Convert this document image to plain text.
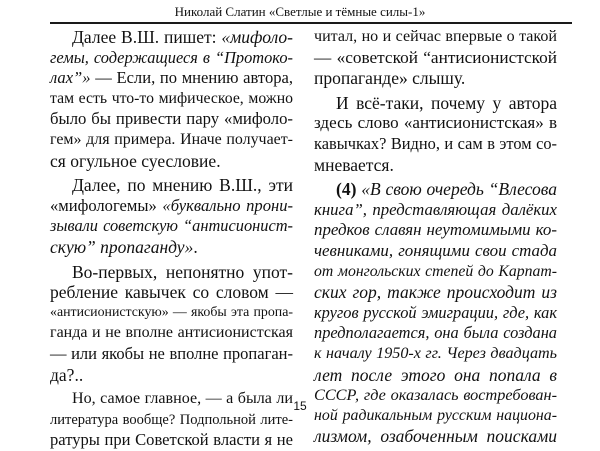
Николай Слатин «Светлые и тёмные силы-1»

Далее В.Ш. пишет: «мифоло-
гемы, содержащиеся в “Протоко-
лах”» — Если, по мнению автора,
там есть что-то мифическое, можно
было бы привести пару «мифоло-
гем» для примера. Иначе получает-
ся огульное суесловие.

Далее, по мнению В.Ш., эти
«мифологемы» «буквально прони-
зывали советскую “антисионист-
скую” пропаганду».

Во-первых, непонятно упот-
ребление кавычек со словом —
«антисионистскую» — якобы эта пропа-
ганда и не вполне антисионистская
— или якобы не вполне пропаган-
да?..

Но, самое главное, — а была ли
литература вообще? Подпольной лите-
ратуры при Советской власти я не

читал, но и сейчас впервые о такой
— «советской “антисионистской
пропаганде» слышу.

И всё-таки, почему у автора
здесь слово «антисионистская» в
кавычках? Видно, и сам в этом со-
мневается.

(4) «В свою очередь “Влесова
книга”, представляющая далёких
предков славян неутомимыми ко-
чевниками, гонящими свои стада
от монгольских степей до Карпат-
ских гор, также происходит из
кругов русской эмиграции, где, как
предполагается, она была создана
к началу 1950-х гг. Через двадцать
лет после этого она попала в
СССР, где оказалась востребован-
ной радикальным русским национа-
лизмом, озабоченным поисками

15
